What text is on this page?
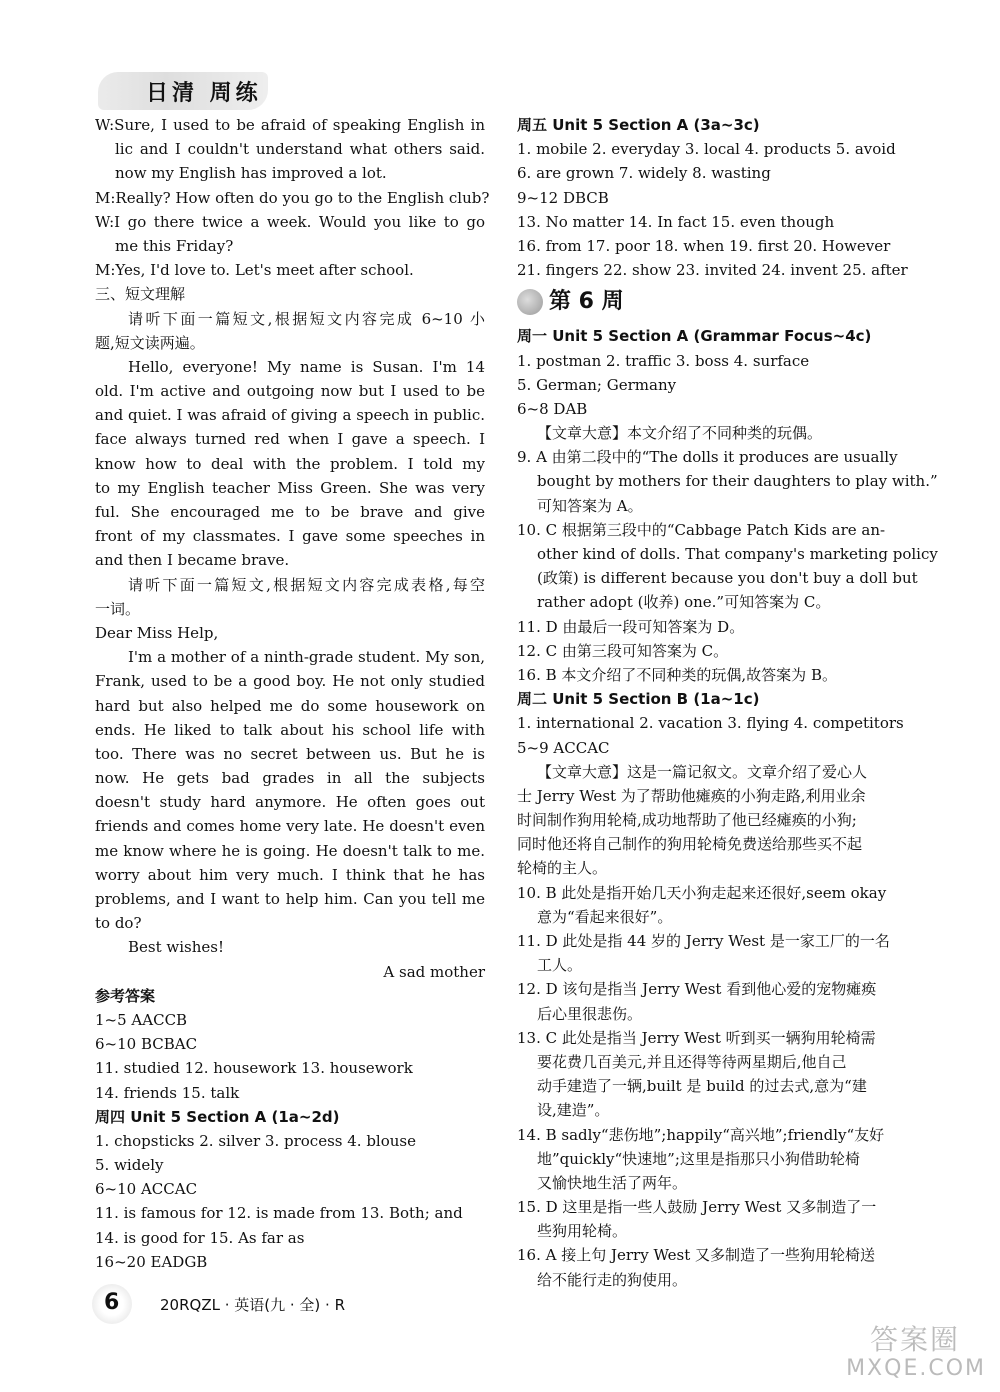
日清 周练
W:Sure, I used to be afraid of speaking English in
lic and I couldn't understand what others said.
now my English has improved a lot.
M:Really? How often do you go to the English club?
W:I go there twice a week. Would you like to go
me this Friday?
M:Yes, I'd love to. Let's meet after school.
三、短文理解
请听下面一篇短文,根据短文内容完成 6~10 小
题,短文读两遍。
Hello, everyone! My name is Susan. I'm 14
old. I'm active and outgoing now but I used to be
and quiet. I was afraid of giving a speech in public.
face always turned red when I gave a speech. I
know how to deal with the problem. I told my
to my English teacher Miss Green. She was very
ful. She encouraged me to be brave and give
front of my classmates. I gave some speeches in
and then I became brave.
请听下面一篇短文,根据短文内容完成表格,每空
一词。
Dear Miss Help,
I'm a mother of a ninth-grade student. My son,
Frank, used to be a good boy. He not only studied
hard but also helped me do some housework on
ends. He liked to talk about his school life with
too. There was no secret between us. But he is
now. He gets bad grades in all the subjects
doesn't study hard anymore. He often goes out
friends and comes home very late. He doesn't even
me know where he is going. He doesn't talk to me.
worry about him very much. I think that he has
problems, and I want to help him. Can you tell me
to do?
Best wishes!
A sad mother
参考答案
1~5 AACCB
6~10 BCBAC
11. studied 12. housework 13. housework
14. friends 15. talk
周四 Unit 5 Section A (1a~2d)
1. chopsticks 2. silver 3. process 4. blouse
5. widely
6~10 ACCAC
11. is famous for 12. is made from 13. Both; and
14. is good for 15. As far as
16~20 EADGB
周五 Unit 5 Section A (3a~3c)
1. mobile 2. everyday 3. local 4. products 5. avoid
6. are grown 7. widely 8. wasting
9~12 DBCB
13. No matter 14. In fact 15. even though
16. from 17. poor 18. when 19. first 20. However
21. fingers 22. show 23. invited 24. invent 25. after
第 6 周
周一 Unit 5 Section A (Grammar Focus~4c)
1. postman 2. traffic 3. boss 4. surface
5. German; Germany
6~8 DAB
【文章大意】本文介绍了不同种类的玩偶。
9. A 由第二段中的“The dolls it produces are usually
bought by mothers for their daughters to play with.”
可知答案为 A。
10. C 根据第三段中的“Cabbage Patch Kids are an-
other kind of dolls. That company's marketing policy
(政策) is different because you don't buy a doll but
rather adopt (收养) one.”可知答案为 C。
11. D 由最后一段可知答案为 D。
12. C 由第三段可知答案为 C。
16. B 本文介绍了不同种类的玩偶,故答案为 B。
周二 Unit 5 Section B (1a~1c)
1. international 2. vacation 3. flying 4. competitors
5~9 ACCAC
【文章大意】这是一篇记叙文。文章介绍了爱心人
士 Jerry West 为了帮助他瘫痪的小狗走路,利用业余
时间制作狗用轮椅,成功地帮助了他已经瘫痪的小狗;
同时他还将自己制作的狗用轮椅免费送给那些买不起
轮椅的主人。
10. B 此处是指开始几天小狗走起来还很好,seem okay
意为“看起来很好”。
11. D 此处是指 44 岁的 Jerry West 是一家工厂的一名
工人。
12. D 该句是指当 Jerry West 看到他心爱的宠物瘫痪
后心里很悲伤。
13. C 此处是指当 Jerry West 听到买一辆狗用轮椅需
要花费几百美元,并且还得等待两星期后,他自己
动手建造了一辆,built 是 build 的过去式,意为“建
设,建造”。
14. B sadly“悲伤地”;happily“高兴地”;friendly“友好
地”quickly“快速地”;这里是指那只小狗借助轮椅
又愉快地生活了两年。
15. D 这里是指一些人鼓励 Jerry West 又多制造了一
些狗用轮椅。
16. A 接上句 Jerry West 又多制造了一些狗用轮椅送
给不能行走的狗使用。
6	20RQZL · 英语(九 · 全) · R
答案圈
MXQE.COM
